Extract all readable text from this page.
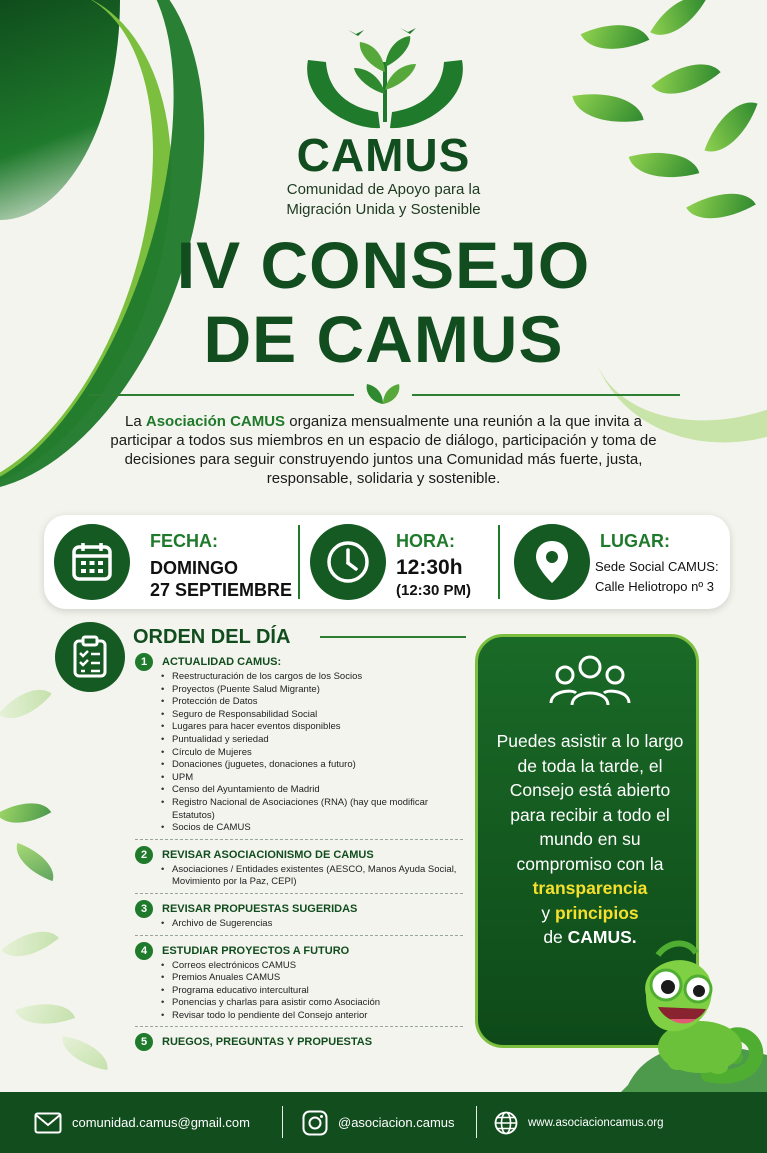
CAMUS
Comunidad de Apoyo para la
Migración Unida y Sostenible
IV CONSEJO
DE CAMUS
La Asociación CAMUS organiza mensualmente una reunión a la que invita a participar a todos sus miembros en un espacio de diálogo, participación y toma de decisiones para seguir construyendo juntos una Comunidad más fuerte, justa, responsable, solidaria y sostenible.
FECHA:
DOMINGO
27 SEPTIEMBRE
HORA:
12:30h
(12:30 PM)
LUGAR:
Sede Social CAMUS:
Calle Heliotropo nº 3
ORDEN DEL DÍA
1	ACTUALIDAD CAMUS:
• Reestructuración de los cargos de los Socios
• Proyectos (Puente Salud Migrante)
• Protección de Datos
• Seguro de Responsabilidad Social
• Lugares para hacer eventos disponibles
• Puntualidad y seriedad
• Círculo de Mujeres
• Donaciones (juguetes, donaciones a futuro)
• UPM
• Censo del Ayuntamiento de Madrid
• Registro Nacional de Asociaciones (RNA) (hay que modificar Estatutos)
• Socios de CAMUS
2	REVISAR ASOCIACIONISMO DE CAMUS
• Asociaciones / Entidades existentes (AESCO, Manos Ayuda Social, Movimiento por la Paz, CEPI)
3	REVISAR PROPUESTAS SUGERIDAS
• Archivo de Sugerencias
4	ESTUDIAR PROYECTOS A FUTURO
• Correos electrónicos CAMUS
• Premios Anuales CAMUS
• Programa educativo intercultural
• Ponencias y charlas para asistir como Asociación
• Revisar todo lo pendiente del Consejo anterior
5	RUEGOS, PREGUNTAS Y PROPUESTAS
Puedes asistir a lo largo de toda la tarde, el Consejo está abierto para recibir a todo el mundo en su compromiso con la transparencia
y principios
de CAMUS.
comunidad.camus@gmail.com	@asociacion.camus	www.asociacioncamus.org
